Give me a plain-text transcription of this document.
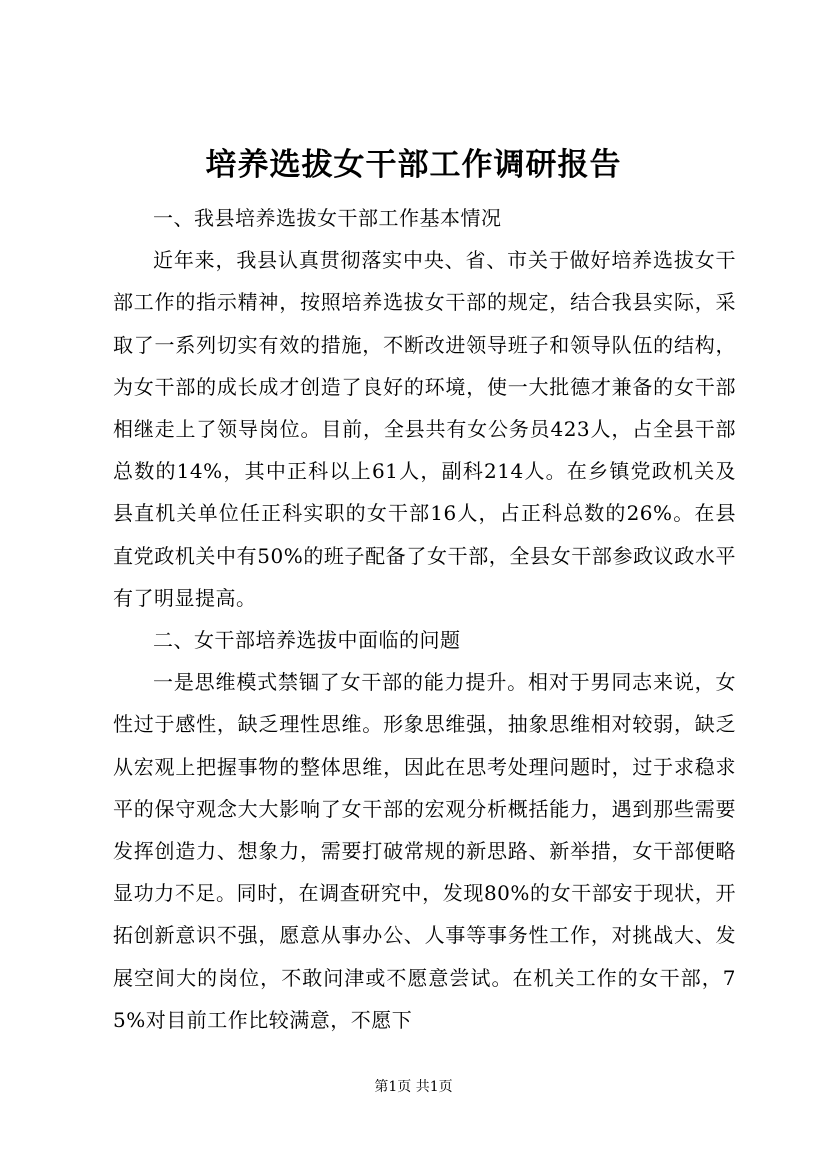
培养选拔女干部工作调研报告
一、我县培养选拔女干部工作基本情况

近年来，我县认真贯彻落实中央、省、市关于做好培养选拔女干部工作的指示精神，按照培养选拔女干部的规定，结合我县实际，采取了一系列切实有效的措施，不断改进领导班子和领导队伍的结构，为女干部的成长成才创造了良好的环境，使一大批德才兼备的女干部相继走上了领导岗位。目前，全县共有女公务员423人，占全县干部总数的14%，其中正科以上61人，副科214人。在乡镇党政机关及县直机关单位任正科实职的女干部16人，占正科总数的26%。在县直党政机关中有50%的班子配备了女干部，全县女干部参政议政水平有了明显提高。

二、女干部培养选拔中面临的问题

一是思维模式禁锢了女干部的能力提升。相对于男同志来说，女性过于感性，缺乏理性思维。形象思维强，抽象思维相对较弱，缺乏从宏观上把握事物的整体思维，因此在思考处理问题时，过于求稳求平的保守观念大大影响了女干部的宏观分析概括能力，遇到那些需要发挥创造力、想象力，需要打破常规的新思路、新举措，女干部便略显功力不足。同时，在调查研究中，发现80%的女干部安于现状，开拓创新意识不强，愿意从事办公、人事等事务性工作，对挑战大、发展空间大的岗位，不敢问津或不愿意尝试。在机关工作的女干部，75%对目前工作比较满意，不愿下

第1页 共1页
